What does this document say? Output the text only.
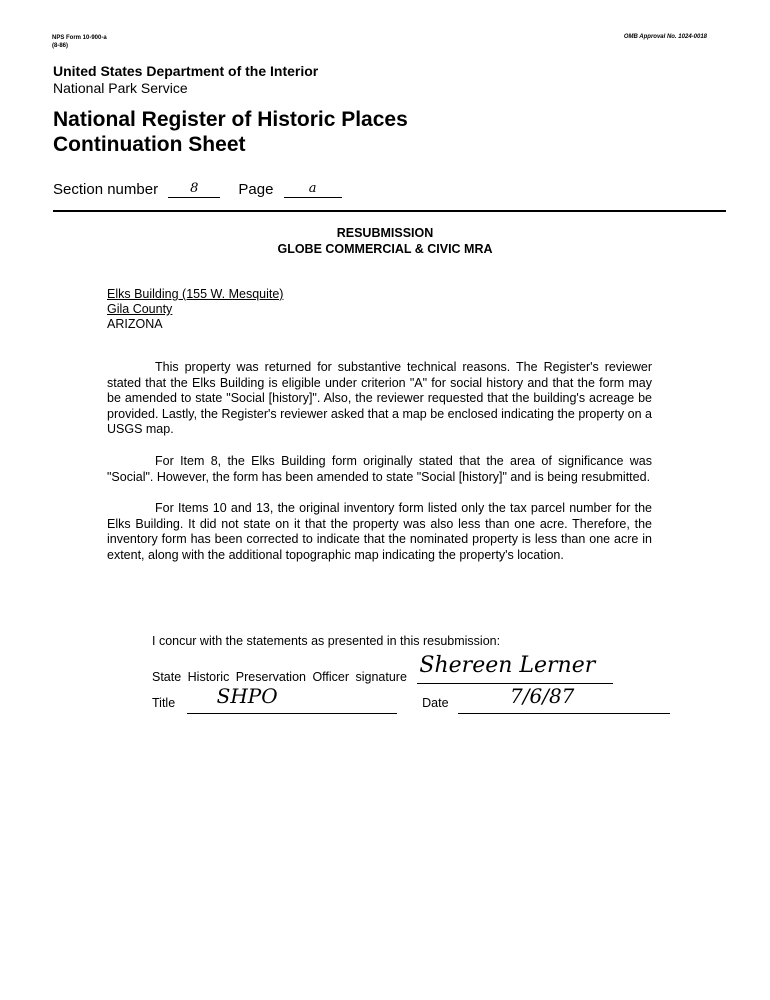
NPS Form 10-900-a
(8-86)
OMB Approval No. 1024-0018
United States Department of the Interior
National Park Service
National Register of Historic Places
Continuation Sheet
Section number 8	Page	a
RESUBMISSION
GLOBE COMMERCIAL & CIVIC MRA
Elks Building (155 W. Mesquite)
Gila County
ARIZONA

This property was returned for substantive technical reasons. The Register's reviewer stated that the Elks Building is eligible under criterion "A" for social history and that the form may be amended to state "Social [history]". Also, the reviewer requested that the building's acreage be provided. Lastly, the Register's reviewer asked that a map be enclosed indicating the property on a USGS map.

For Item 8, the Elks Building form originally stated that the area of significance was "Social". However, the form has been amended to state "Social [history]" and is being resubmitted.

For Items 10 and 13, the original inventory form listed only the tax parcel number for the Elks Building. It did not state on it that the property was also less than one acre. Therefore, the inventory form has been corrected to indicate that the nominated property is less than one acre in extent, along with the additional topographic map indicating the property's location.

I concur with the statements as presented in this resubmission:
State Historic Preservation Officer signature Shereen Lerner
Title SHPO	Date	7/6/87
